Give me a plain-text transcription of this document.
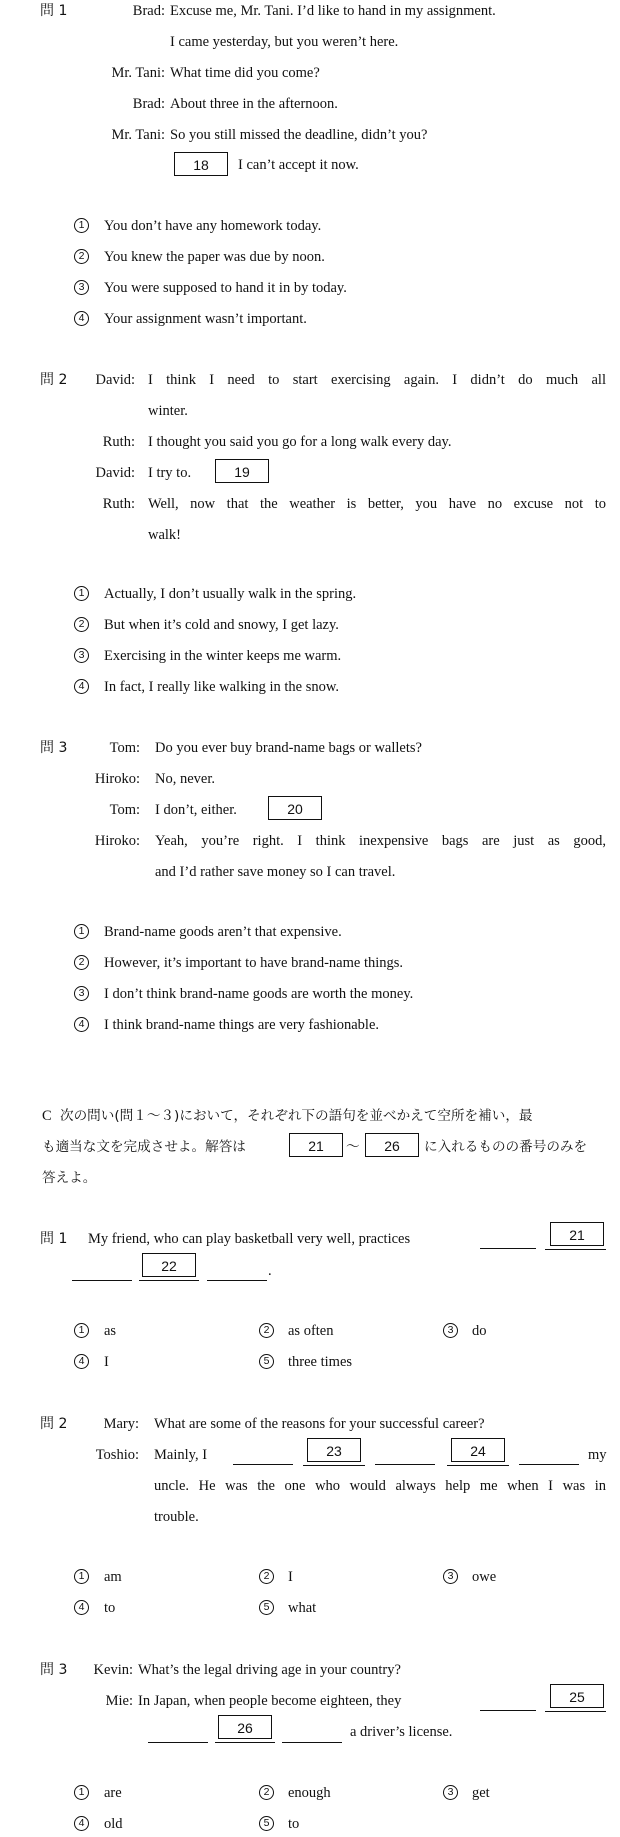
問 1	Brad: Excuse me, Mr. Tani. I’d like to hand in my assignment.
I came yesterday, but you weren’t here.
Mr. Tani: What time did you come?
Brad: About three in the afternoon.
Mr. Tani: So you still missed the deadline, didn’t you?
18	I can’t accept it now.
1	You don’t have any homework today.
2	You knew the paper was due by noon.
3	You were supposed to hand it in by today.
4	Your assignment wasn’t important.
問 2 David: I think I need to start exercising again. I didn’t do much all
winter.
Ruth: I thought you said you go for a long walk every day.
David: I try to.	19
Ruth: Well, now that the weather is better, you have no excuse not to
walk!
1	Actually, I don’t usually walk in the spring.
2	But when it’s cold and snowy, I get lazy.
3	Exercising in the winter keeps me warm.
4	In fact, I really like walking in the snow.
問 3	Tom: Do you ever buy brand-name bags or wallets?
Hiroko: No, never.
Tom: I don’t, either.	20
Hiroko: Yeah, you’re right. I think inexpensive bags are just as good,
and I’d rather save money so I can travel.
1	Brand-name goods aren’t that expensive.
2	However, it’s important to have brand-name things.
3	I don’t think brand-name goods are worth the money.
4	I think brand-name things are very fashionable.
C 次の問い(問１～３)において，それぞれ下の語句を並べかえて空所を補い，最
も適当な文を完成させよ。解答は	21	～	26	に入れるものの番号のみを
答えよ。
問 1 My friend, who can play basketball very well, practices	21
22	.
1	as	2	as often	3	do
4	I	5	three times
問 2 Mary: What are some of the reasons for your successful career?
Toshio: Mainly, I	23	24	my
uncle. He was the one who would always help me when I was in
trouble.
1	am	2	I	3	owe
4	to	5	what
問 3 Kevin: What’s the legal driving age in your country?
Mie: In Japan, when people become eighteen, they	25
26	a driver’s license.
1	are	2	enough	3	get
4	old	5	to
